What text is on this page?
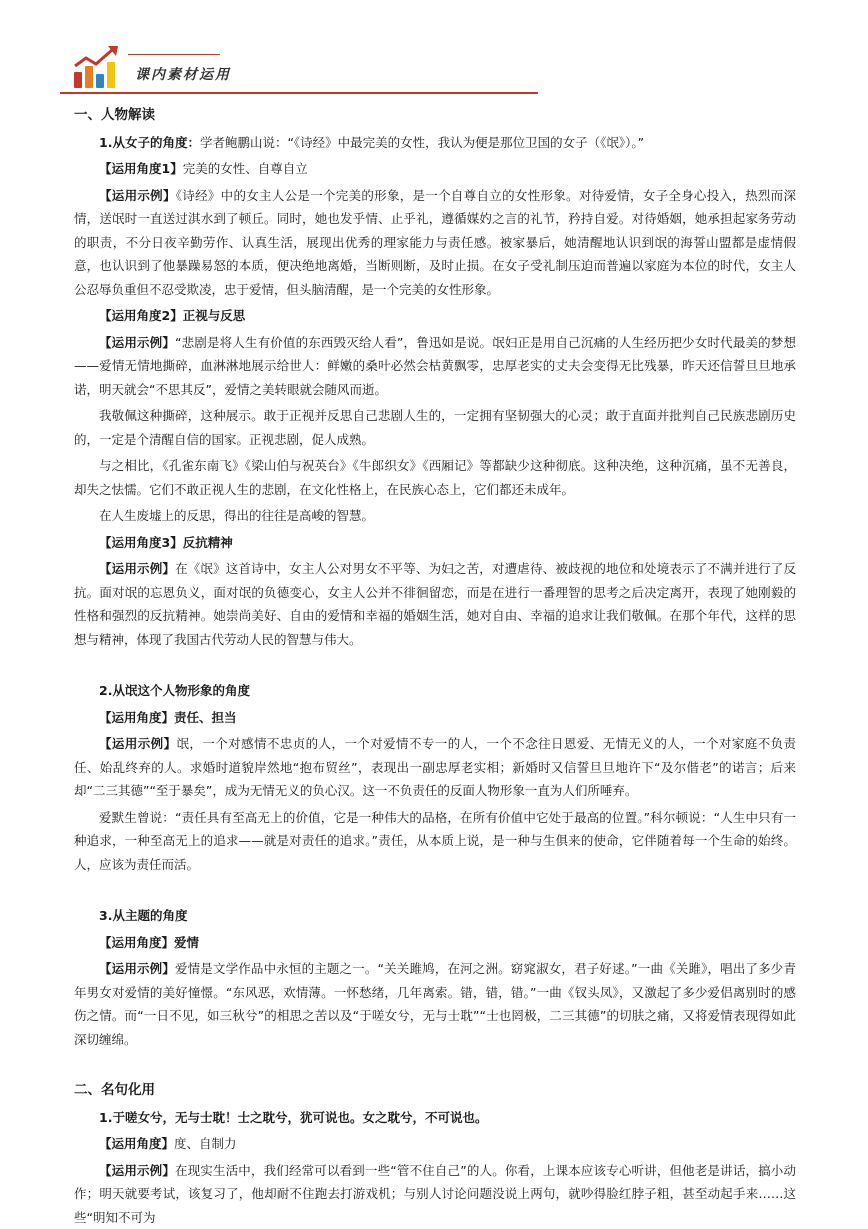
课内素材运用
一、人物解读

1.从女子的角度：学者鲍鹏山说：“《诗经》中最完美的女性，我认为便是那位卫国的女子（《氓》）。”

【运用角度1】完美的女性、自尊自立

【运用示例】《诗经》中的女主人公是一个完美的形象，是一个自尊自立的女性形象。对待爱情，女子全身心投入，热烈而深情，送氓时一直送过淇水到了顿丘。同时，她也发乎情、止乎礼，遵循媒妁之言的礼节，矜持自爱。对待婚姻，她承担起家务劳动的职责，不分日夜辛勤劳作、认真生活，展现出优秀的理家能力与责任感。被家暴后，她清醒地认识到氓的海誓山盟都是虚情假意，也认识到了他暴躁易怒的本质，便决绝地离婚，当断则断，及时止损。在女子受礼制压迫而普遍以家庭为本位的时代，女主人公忍辱负重但不忍受欺凌，忠于爱情，但头脑清醒，是一个完美的女性形象。

【运用角度2】正视与反思

【运用示例】“悲剧是将人生有价值的东西毁灭给人看”，鲁迅如是说。氓妇正是用自己沉痛的人生经历把少女时代最美的梦想——爱情无情地撕碎，血淋淋地展示给世人：鲜嫩的桑叶必然会枯黄飘零，忠厚老实的丈夫会变得无比残暴，昨天还信誓旦旦地承诺，明天就会“不思其反”，爱情之美转眼就会随风而逝。

我敬佩这种撕碎，这种展示。敢于正视并反思自己悲剧人生的，一定拥有坚韧强大的心灵；敢于直面并批判自己民族悲剧历史的，一定是个清醒自信的国家。正视悲剧，促人成熟。

与之相比，《孔雀东南飞》《梁山伯与祝英台》《牛郎织女》《西厢记》等都缺少这种彻底。这种决绝，这种沉痛，虽不无善良，却失之怯懦。它们不敢正视人生的悲剧，在文化性格上，在民族心态上，它们都还未成年。

在人生废墟上的反思，得出的往往是高峻的智慧。

【运用角度3】反抗精神

【运用示例】在《氓》这首诗中，女主人公对男女不平等、为妇之苦，对遭虐待、被歧视的地位和处境表示了不满并进行了反抗。面对氓的忘恩负义，面对氓的负德变心，女主人公并不徘徊留恋，而是在进行一番理智的思考之后决定离开，表现了她刚毅的性格和强烈的反抗精神。她崇尚美好、自由的爱情和幸福的婚姻生活，她对自由、幸福的追求让我们敬佩。在那个年代，这样的思想与精神，体现了我国古代劳动人民的智慧与伟大。

2.从氓这个人物形象的角度

【运用角度】责任、担当

【运用示例】氓，一个对感情不忠贞的人，一个对爱情不专一的人，一个不念往日恩爱、无情无义的人，一个对家庭不负责任、始乱终弃的人。求婚时道貌岸然地“抱布贸丝”，表现出一副忠厚老实相；新婚时又信誓旦旦地许下“及尔偕老”的诺言；后来却“二三其德”“至于暴矣”，成为无情无义的负心汉。这一不负责任的反面人物形象一直为人们所唾弃。

爱默生曾说：“责任具有至高无上的价值，它是一种伟大的品格，在所有价值中它处于最高的位置。”科尔顿说：“人生中只有一种追求，一种至高无上的追求——就是对责任的追求。”责任，从本质上说，是一种与生俱来的使命，它伴随着每一个生命的始终。人，应该为责任而活。

3.从主题的角度

【运用角度】爱情

【运用示例】爱情是文学作品中永恒的主题之一。“关关雎鸠，在河之洲。窈窕淑女，君子好逑。”一曲《关雎》，唱出了多少青年男女对爱情的美好憧憬。“东风恶，欢情薄。一怀愁绪，几年离索。错，错，错。”一曲《钗头凤》，又激起了多少爱侣离别时的感伤之情。而“一日不见，如三秋兮”的相思之苦以及“于嗟女兮，无与士耽”“士也罔极，二三其德”的切肤之痛，又将爱情表现得如此深切缠绵。

二、名句化用

1.于嗟女兮，无与士耽！士之耽兮，犹可说也。女之耽兮，不可说也。

【运用角度】度、自制力

【运用示例】在现实生活中，我们经常可以看到一些“管不住自己”的人。你看，上课本应该专心听讲，但他老是讲话，搞小动作；明天就要考试，该复习了，他却耐不住跑去打游戏机；与别人讨论问题没说上两句，就吵得脸红脖子粗，甚至动起手来……这些“明知不可为
